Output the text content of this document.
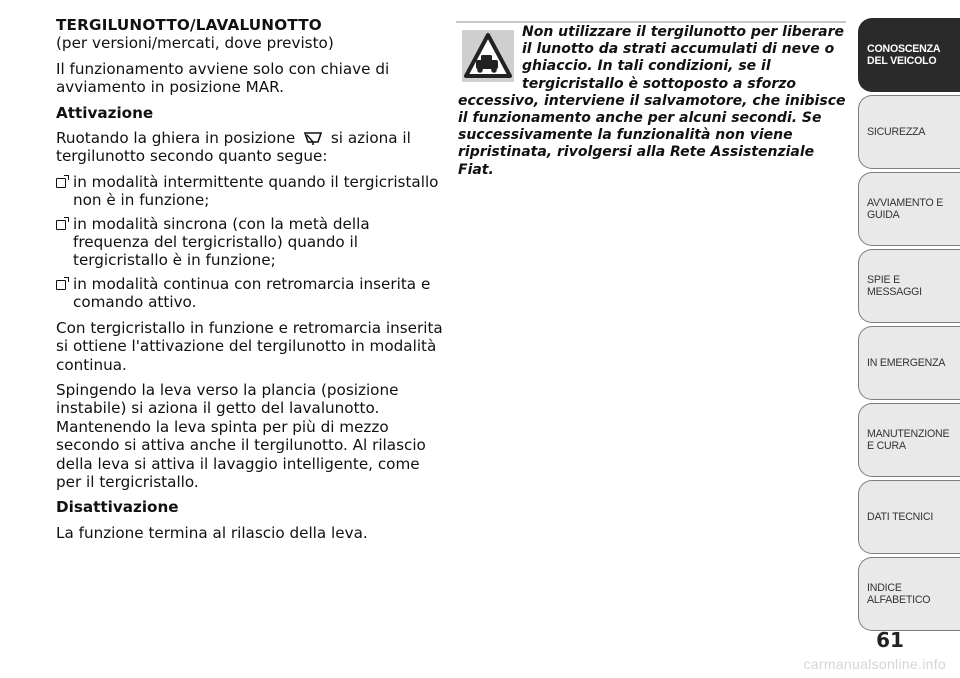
TERGILUNOTTO/LAVALUNOTTO

(per versioni/mercati, dove previsto)

Il funzionamento avviene solo con chiave di avviamento in posizione MAR.

Attivazione

Ruotando la ghiera in posizione si aziona il tergilunotto secondo quanto segue:

in modalità intermittente quando il tergicristallo non è in funzione;
in modalità sincrona (con la metà della frequenza del tergicristallo) quando il tergicristallo è in funzione;
in modalità continua con retromarcia inserita e comando attivo.

Con tergicristallo in funzione e retromarcia inserita si ottiene l'attivazione del tergilunotto in modalità continua.

Spingendo la leva verso la plancia (posizione instabile) si aziona il getto del lavalunotto. Mantenendo la leva spinta per più di mezzo secondo si attiva anche il tergilunotto. Al rilascio della leva si attiva il lavaggio intelligente, come per il tergicristallo.

Disattivazione

La funzione termina al rilascio della leva.

Non utilizzare il tergilunotto per liberare il lunotto da strati accumulati di neve o ghiaccio. In tali condizioni, se il tergicristallo è sottoposto a sforzo eccessivo, interviene il salvamotore, che inibisce il funzionamento anche per alcuni secondi. Se successivamente la funzionalità non viene ripristinata, rivolgersi alla Rete Assistenziale Fiat.
CONOSCENZA DEL VEICOLO
SICUREZZA
AVVIAMENTO E GUIDA
SPIE E MESSAGGI
IN EMERGENZA
MANUTENZIONE E CURA
DATI TECNICI
INDICE ALFABETICO
61
carmanualsonline.info
